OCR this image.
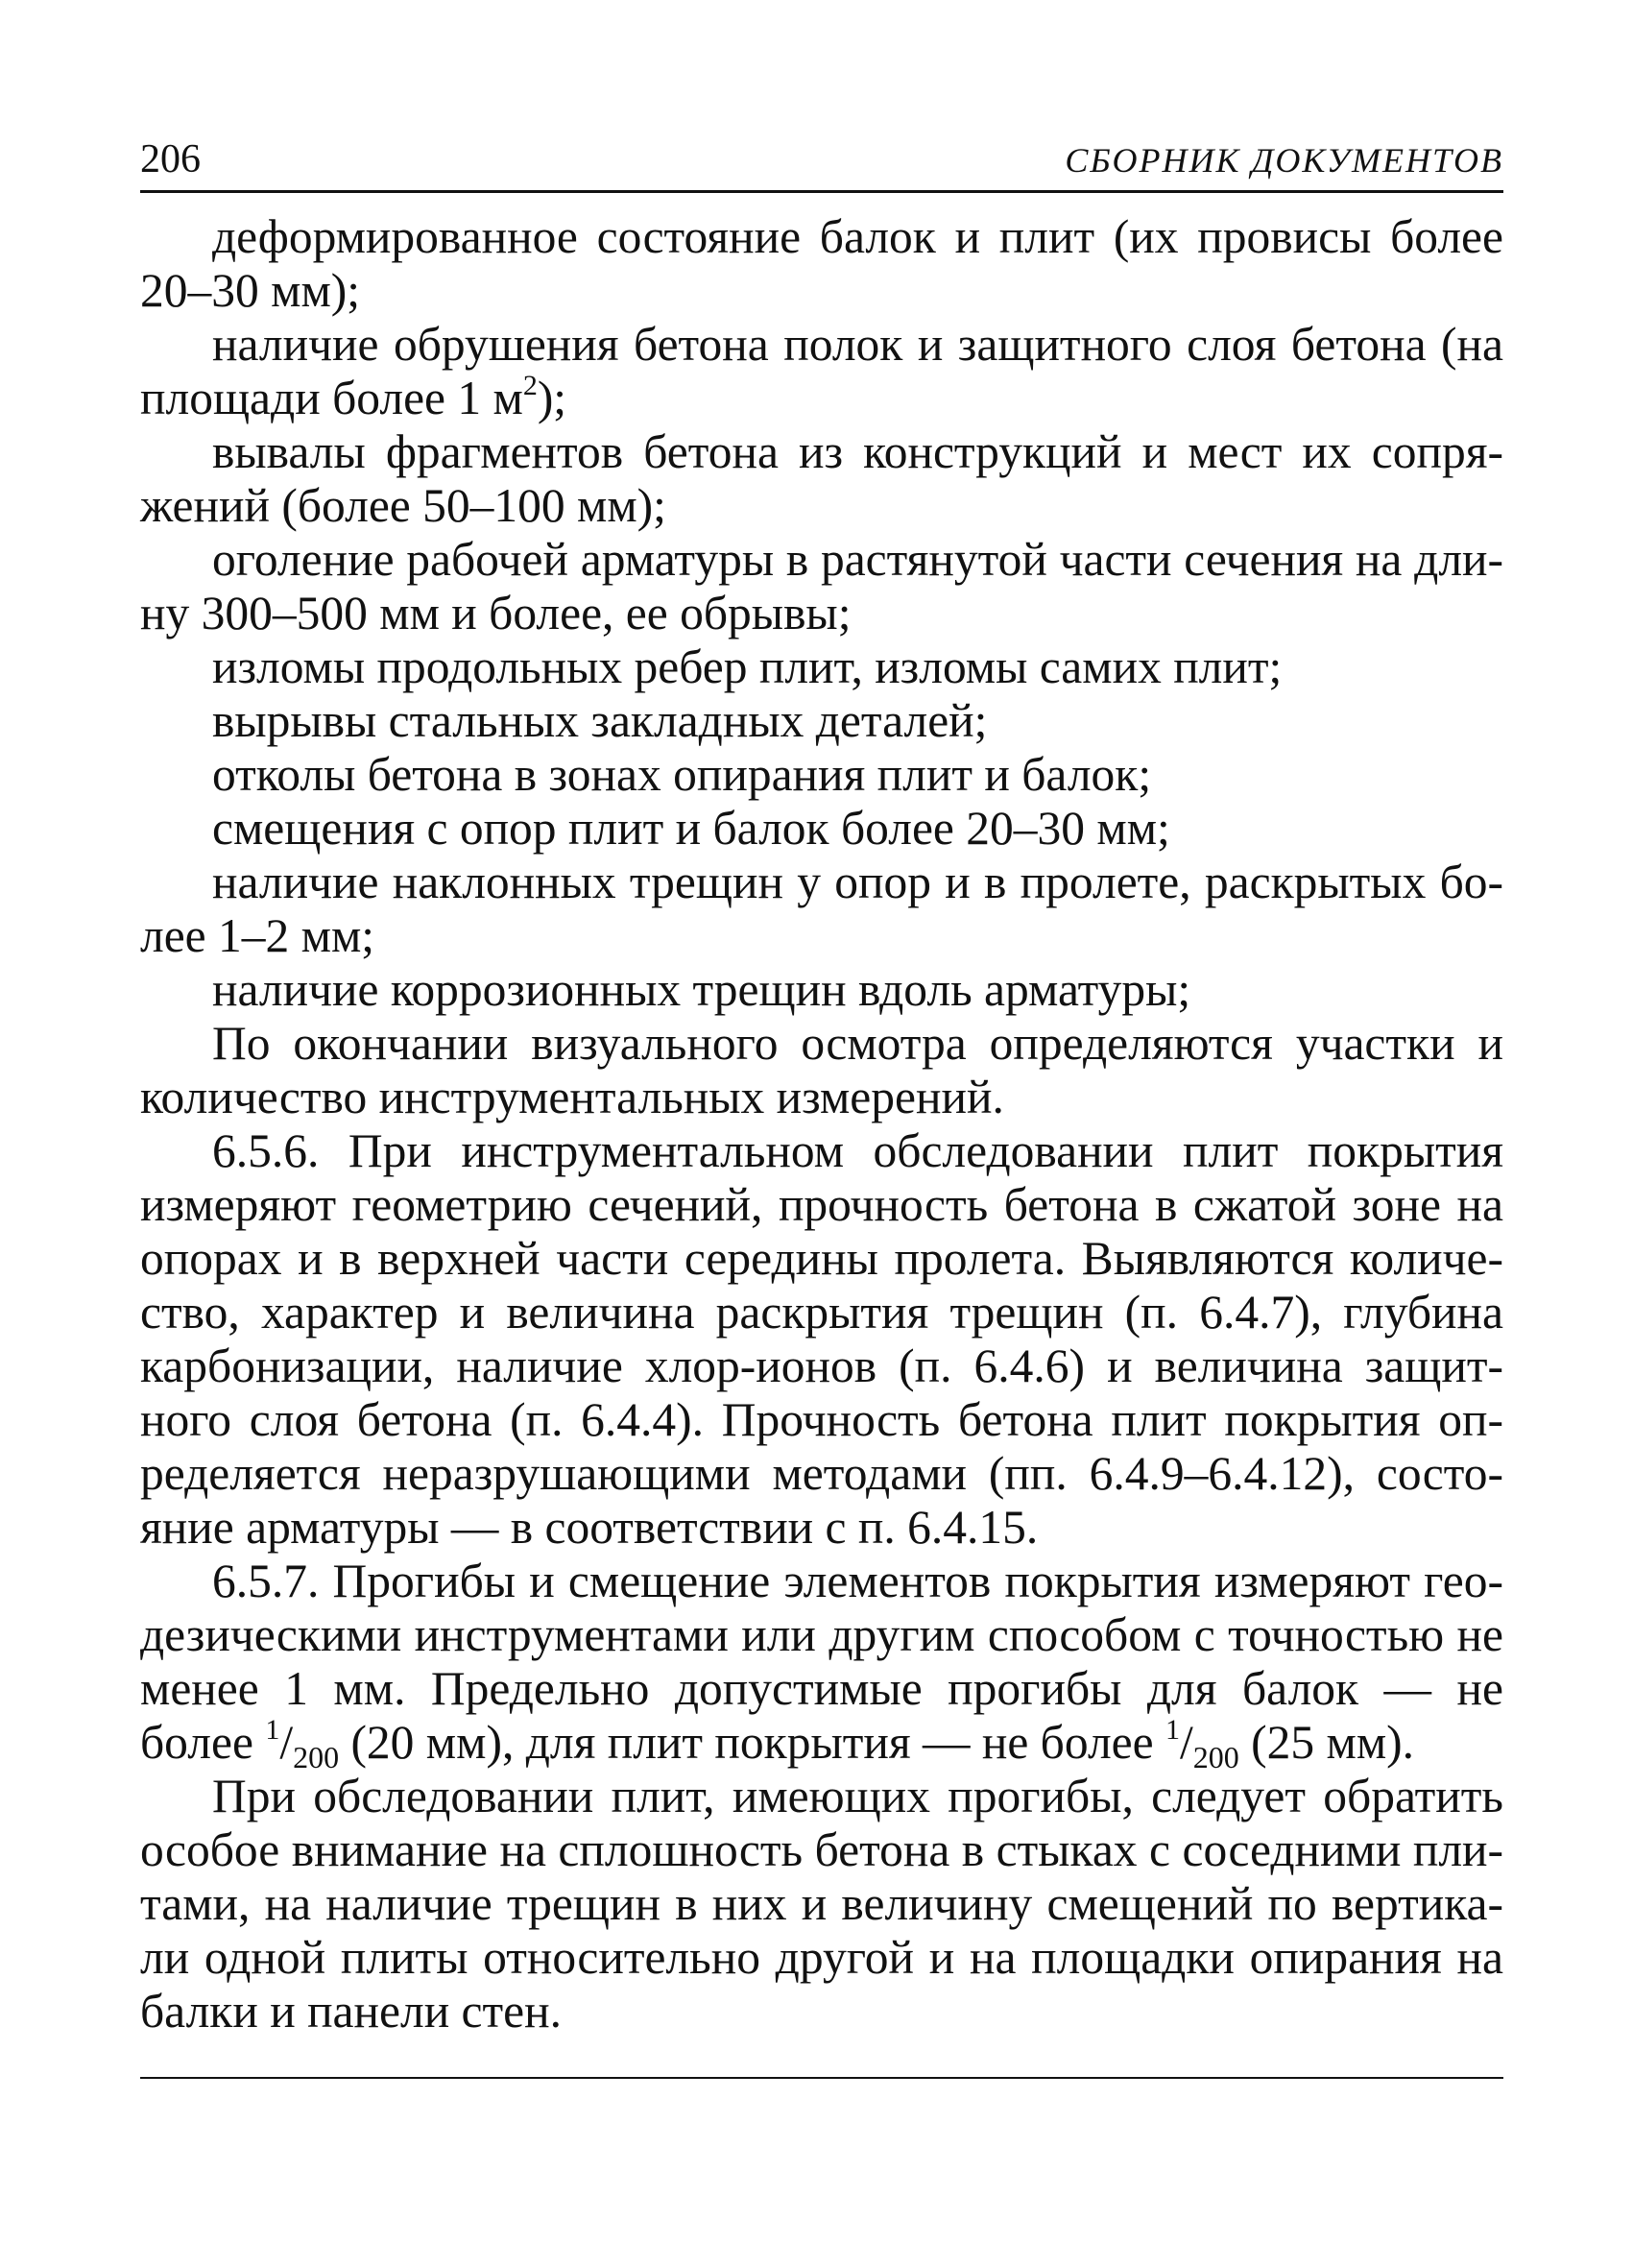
206	СБОРНИК ДОКУМЕНТОВ

деформированное состояние балок и плит (их провисы более 20–30 мм);

наличие обрушения бетона полок и защитного слоя бетона (на площади более 1 $м^2$);

вывалы фрагментов бетона из конструкций и мест их сопряжений (более 50–100 мм);

оголение рабочей арматуры в растянутой части сечения на длину 300–500 мм и более, ее обрывы;

изломы продольных ребер плит, изломы самих плит;

вырывы стальных закладных деталей;

отколы бетона в зонах опирания плит и балок;

смещения с опор плит и балок более 20–30 мм;

наличие наклонных трещин у опор и в пролете, раскрытых более 1–2 мм;

наличие коррозионных трещин вдоль арматуры;

По окончании визуального осмотра определяются участки и количество инструментальных измерений.

6.5.6. При инструментальном обследовании плит покрытия измеряют геометрию сечений, прочность бетона в сжатой зоне на опорах и в верхней части середины пролета. Выявляются количество, характер и величина раскрытия трещин (п. 6.4.7), глубина карбонизации, наличие хлор-ионов (п. 6.4.6) и величина защитного слоя бетона (п. 6.4.4). Прочность бетона плит покрытия определяется неразрушающими методами (пп. 6.4.9–6.4.12), состояние арматуры — в соответствии с п. 6.4.15.

6.5.7. Прогибы и смещение элементов покрытия измеряют геодезическими инструментами или другим способом с точностью не менее 1 мм. Предельно допустимые прогибы для балок — не более $^1/_{200}$ (20 мм), для плит покрытия — не более $^1/_{200}$ (25 мм).

При обследовании плит, имеющих прогибы, следует обратить особое внимание на сплошность бетона в стыках с соседними плитами, на наличие трещин в них и величину смещений по вертикали одной плиты относительно другой и на площадки опирания на балки и панели стен.
